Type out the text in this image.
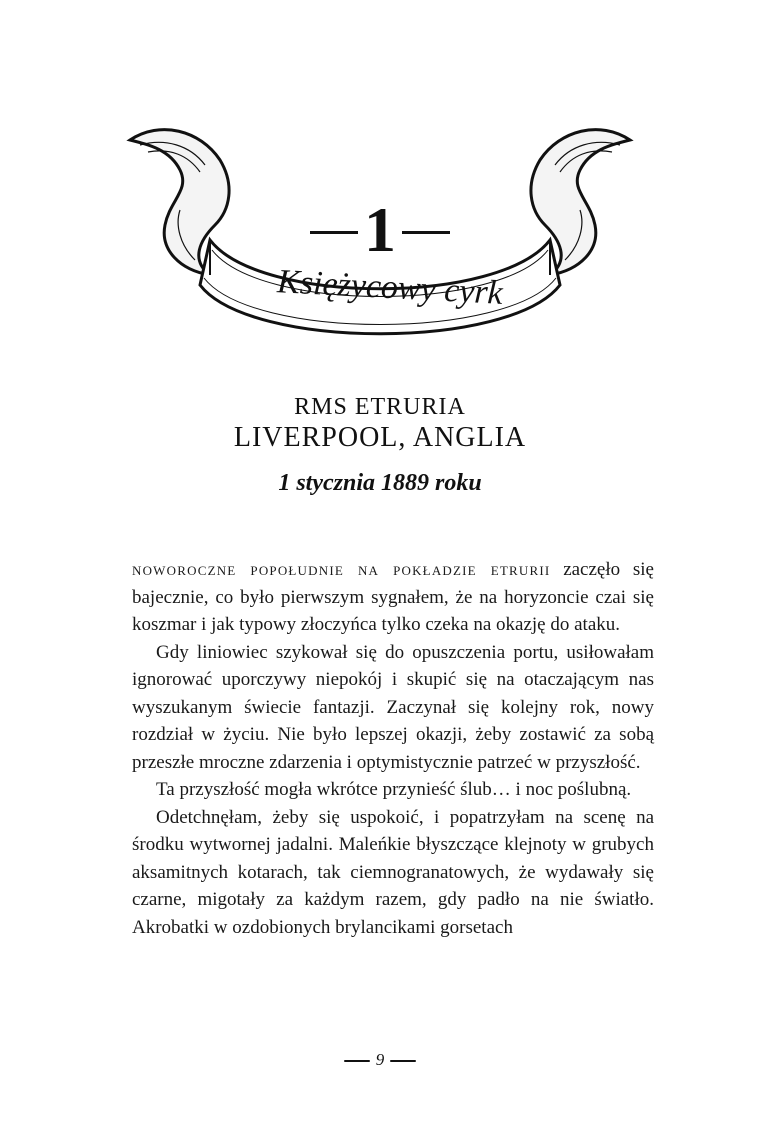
1
Księżycowy cyrk
RMS ETRURIA
LIVERPOOL, ANGLIA
1 stycznia 1889 roku

noworoczne popołudnie na pokładzie etrurii zaczęło się bajecznie, co było pierwszym sygnałem, że na horyzoncie czai się koszmar i jak typowy złoczyńca tylko czeka na okazję do ataku.

Gdy liniowiec szykował się do opuszczenia portu, usiłowałam ignorować uporczywy niepokój i skupić się na otaczającym nas wyszukanym świecie fantazji. Zaczynał się kolejny rok, nowy rozdział w życiu. Nie było lepszej okazji, żeby zostawić za sobą przeszłe mroczne zdarzenia i optymistycznie patrzeć w przyszłość.

Ta przyszłość mogła wkrótce przynieść ślub… i noc poślubną.

Odetchnęłam, żeby się uspokoić, i popatrzyłam na scenę na środku wytwornej jadalni. Maleńkie błyszczące klejnoty w grubych aksamitnych kotarach, tak ciemnogranatowych, że wydawały się czarne, migotały za każdym razem, gdy padło na nie światło. Akrobatki w ozdobionych brylancikami gorsetach

9
